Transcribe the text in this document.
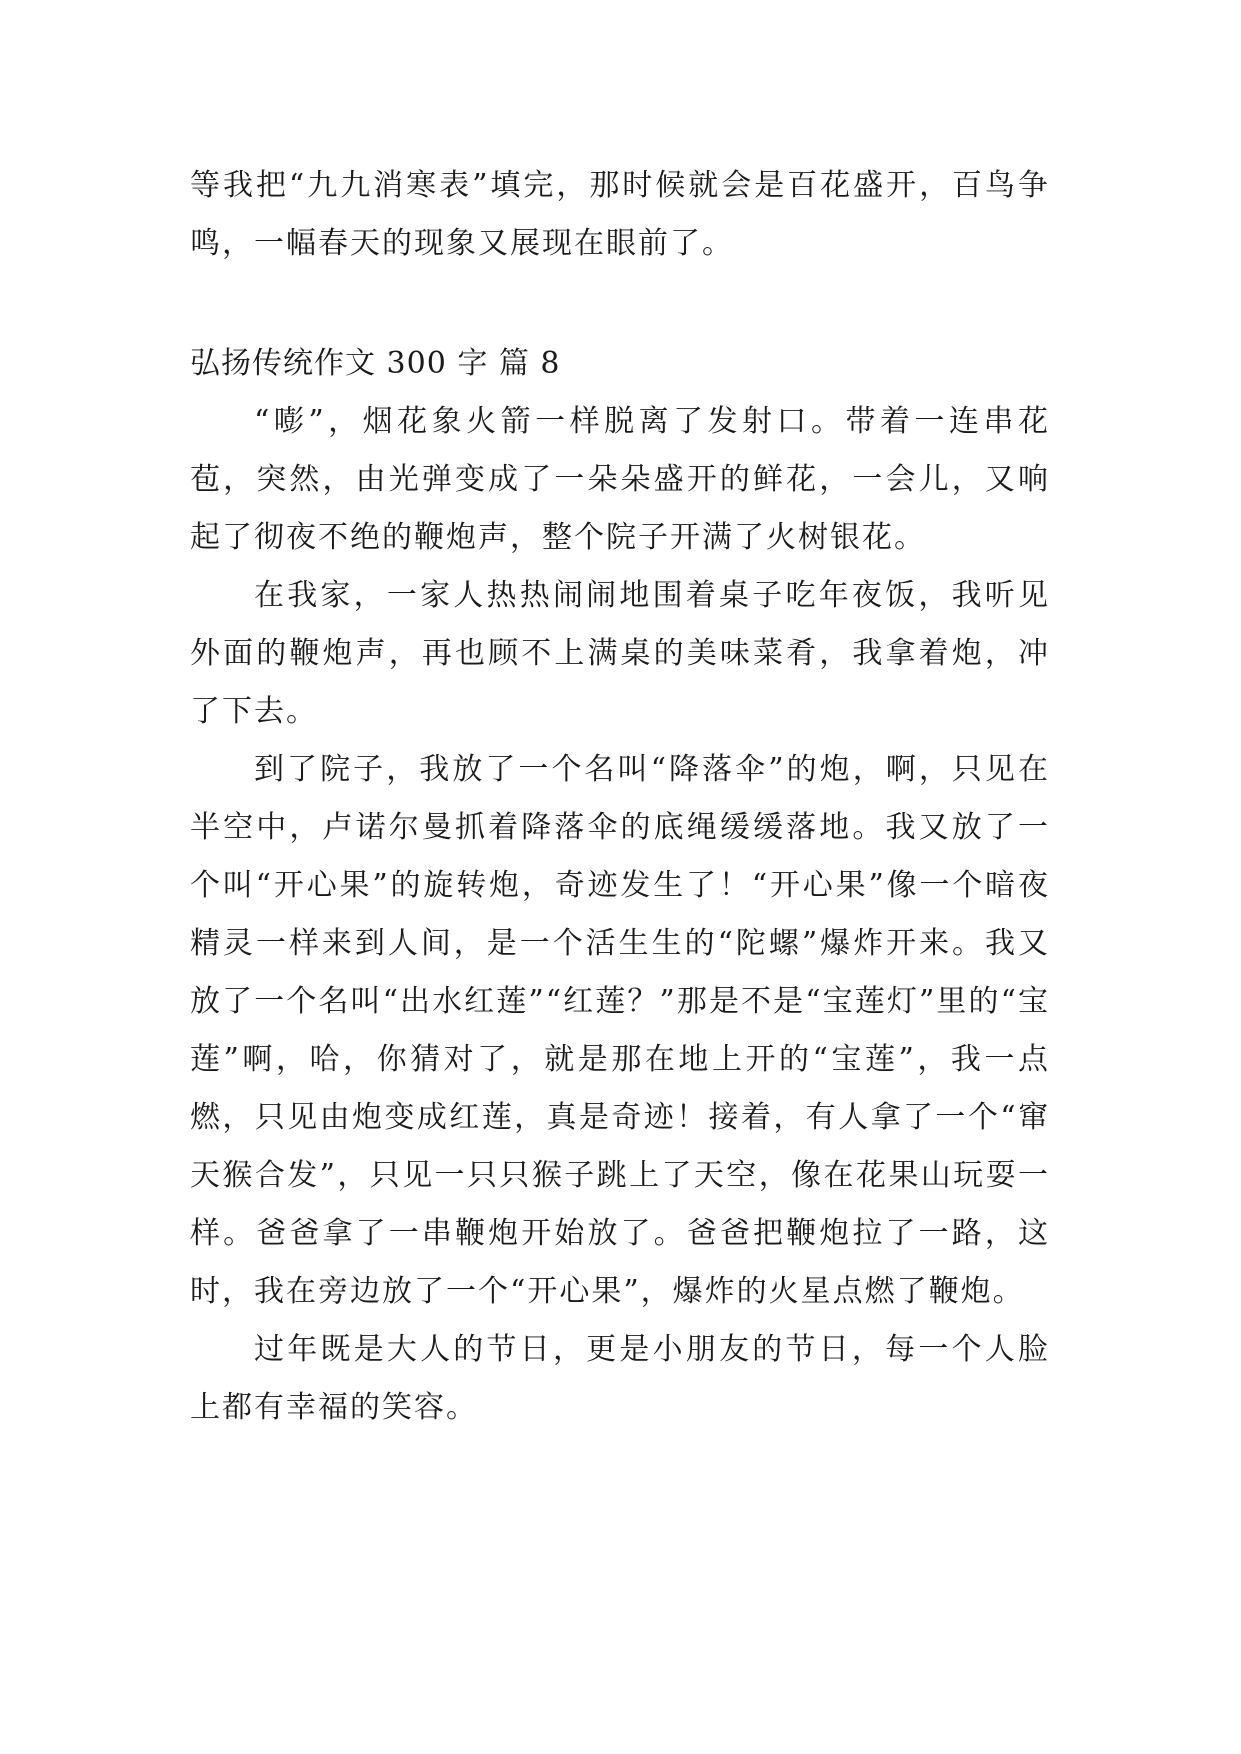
等我把“九九消寒表”填完，那时候就会是百花盛开，百鸟争鸣，一幅春天的现象又展现在眼前了。

弘扬传统作文 300 字 篇 8

“嘭”，烟花象火箭一样脱离了发射口。带着一连串花苞，突然，由光弹变成了一朵朵盛开的鲜花，一会儿，又响起了彻夜不绝的鞭炮声，整个院子开满了火树银花。

在我家，一家人热热闹闹地围着桌子吃年夜饭，我听见外面的鞭炮声，再也顾不上满桌的美味菜肴，我拿着炮，冲了下去。

到了院子，我放了一个名叫“降落伞”的炮，啊，只见在半空中，卢诺尔曼抓着降落伞的底绳缓缓落地。我又放了一个叫“开心果”的旋转炮，奇迹发生了！“开心果”像一个暗夜精灵一样来到人间，是一个活生生的“陀螺”爆炸开来。我又放了一个名叫“出水红莲”“红莲？”那是不是“宝莲灯”里的“宝莲”啊，哈，你猜对了，就是那在地上开的“宝莲”，我一点燃，只见由炮变成红莲，真是奇迹！接着，有人拿了一个“窜天猴合发”，只见一只只猴子跳上了天空，像在花果山玩耍一样。爸爸拿了一串鞭炮开始放了。爸爸把鞭炮拉了一路，这时，我在旁边放了一个“开心果”，爆炸的火星点燃了鞭炮。

过年既是大人的节日，更是小朋友的节日，每一个人脸上都有幸福的笑容。
